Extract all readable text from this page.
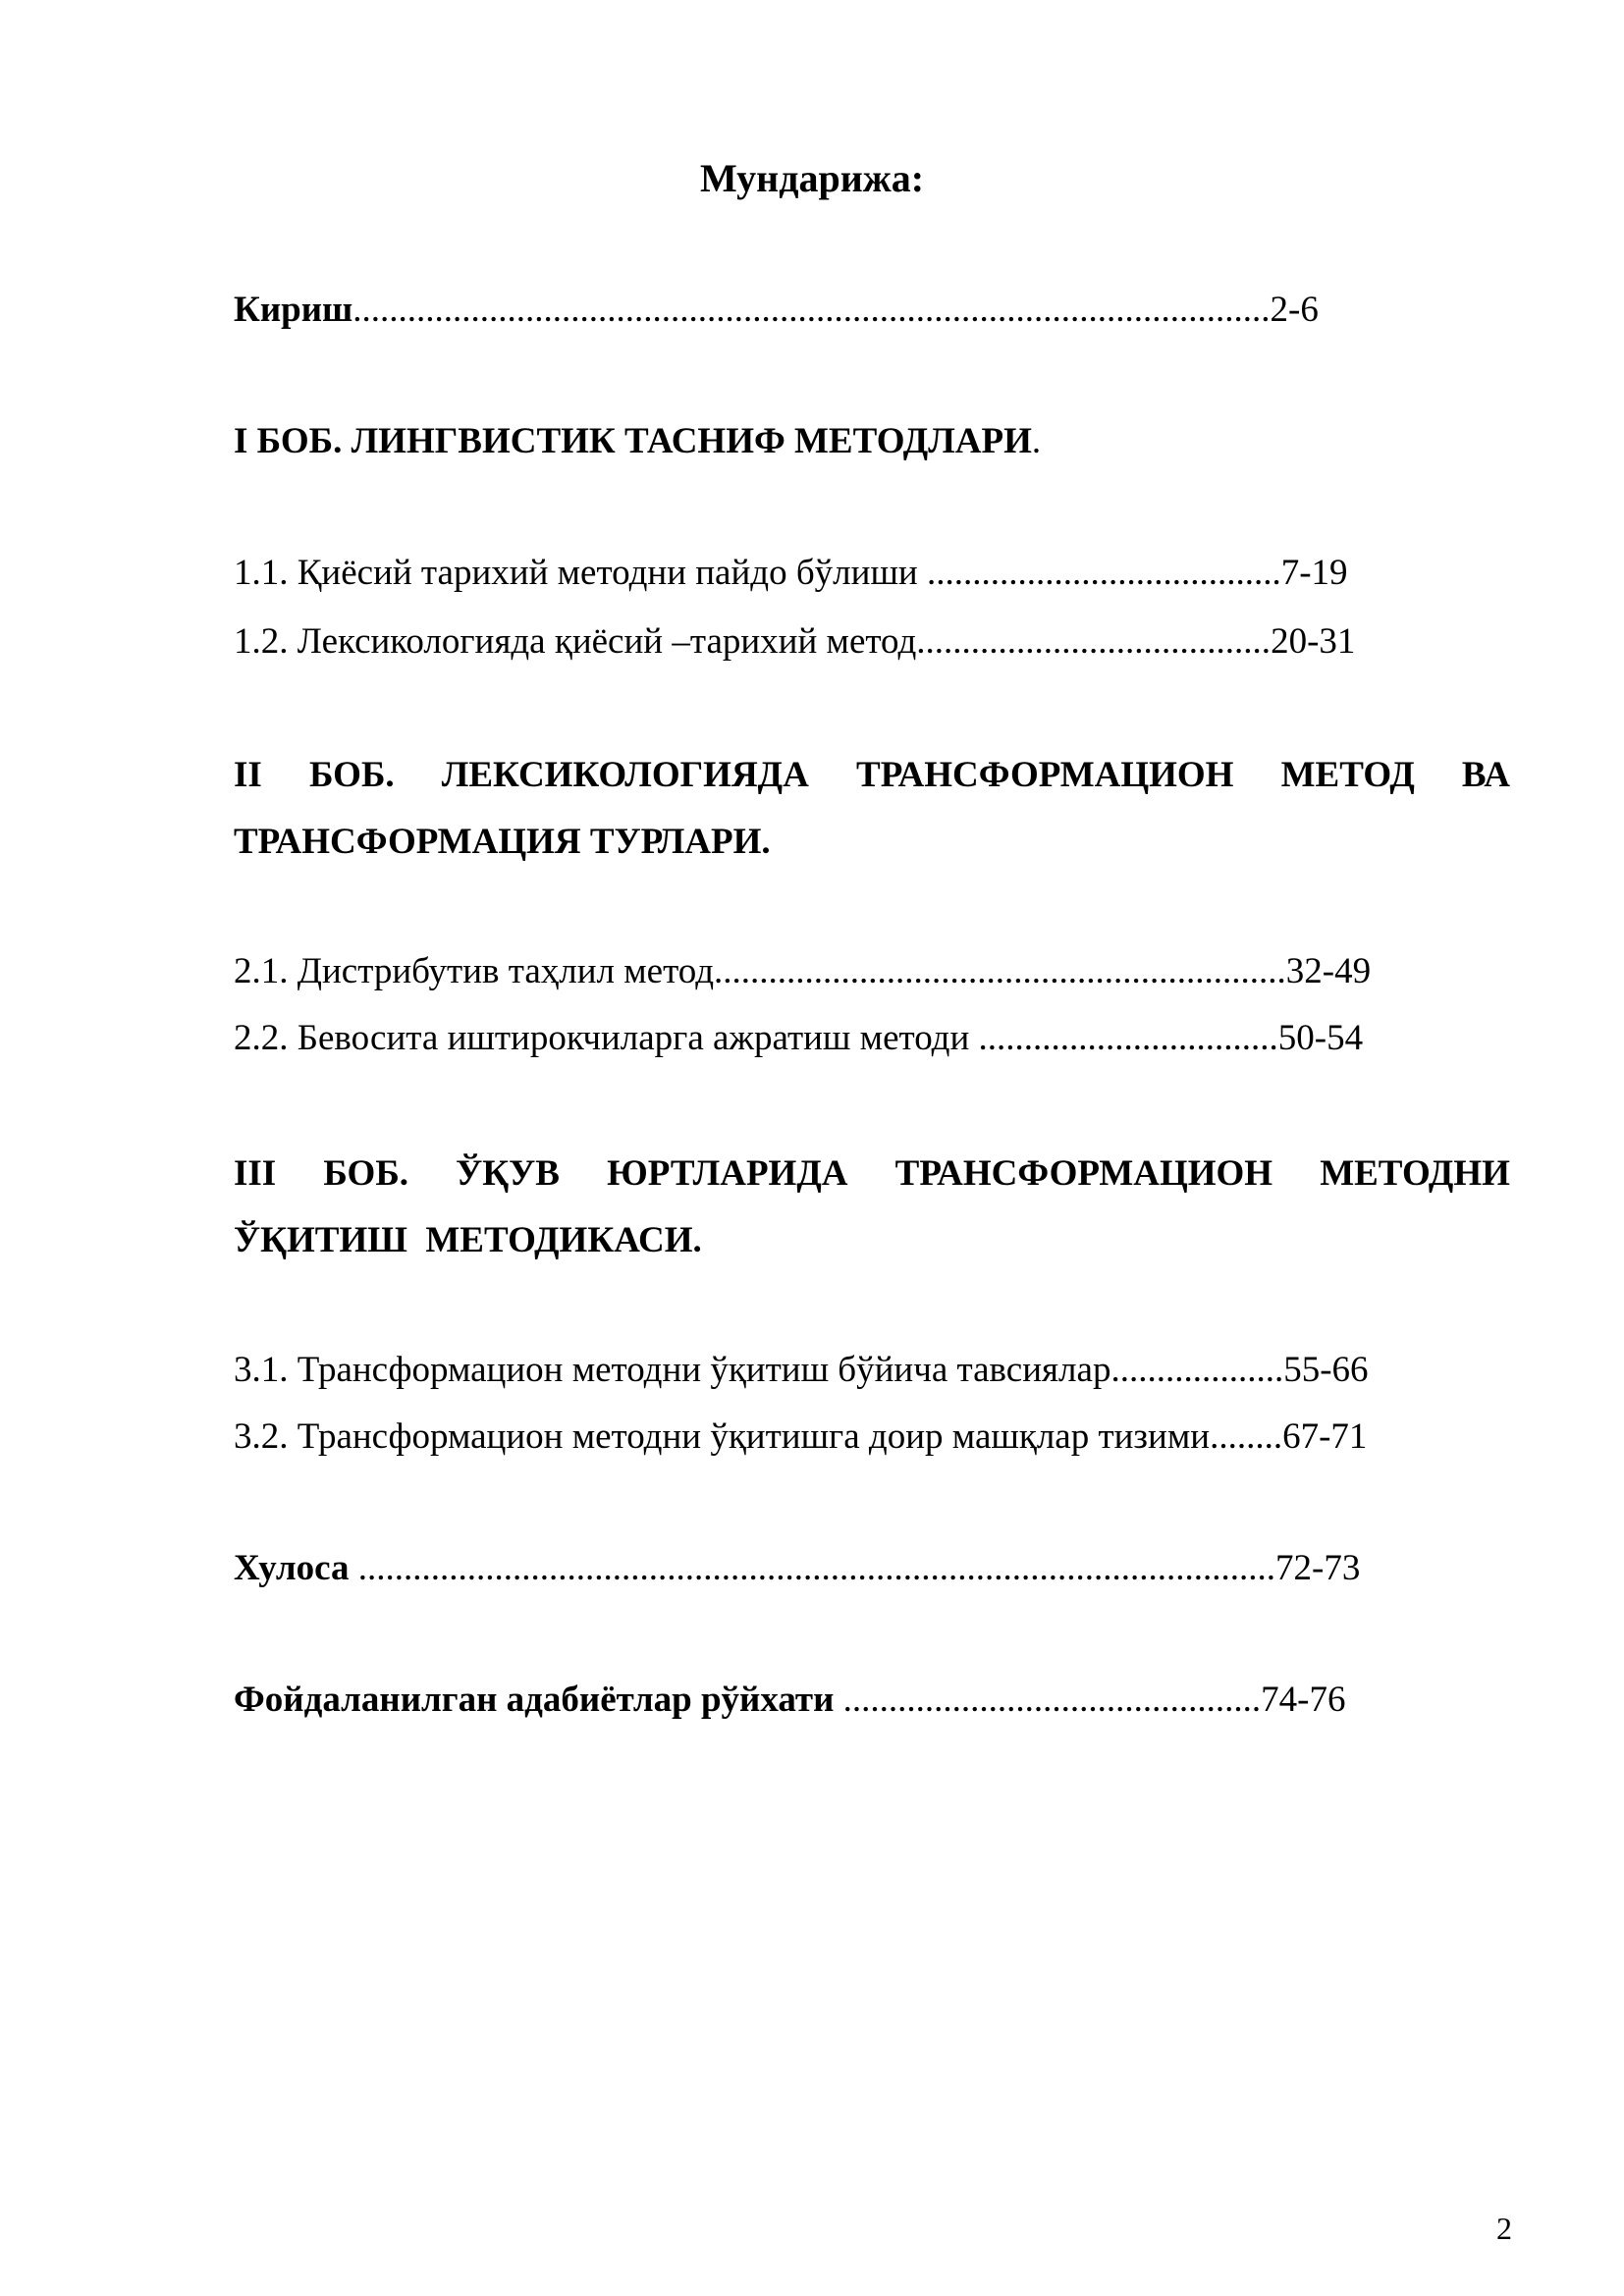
Мундарижа:
Кириш.....................................................................................................2-6
I БОБ. ЛИНГВИСТИК ТАСНИФ МЕТОДЛАРИ.
1.1. Қиёсий тарихий методни пайдо бўлиши .......................................7-19
1.2. Лексикологияда қиёсий –тарихий метод.......................................20-31
II БОБ. ЛЕКСИКОЛОГИЯДА ТРАНСФОРМАЦИОН МЕТОД ВА
ТРАНСФОРМАЦИЯ ТУРЛАРИ.
2.1. Дистрибутив таҳлил метод...............................................................32-49
2.2. Бевосита иштирокчиларга ажратиш методи .................................50-54
III БОБ. ЎҚУВ ЮРТЛАРИДА ТРАНСФОРМАЦИОН МЕТОДНИ
ЎҚИТИШ  МЕТОДИКАСИ.
3.1. Трансформацион методни ўқитиш бўйича тавсиялар...................55-66
3.2. Трансформацион методни ўқитишга доир машқлар тизими........67-71
Хулоса .....................................................................................................72-73
Фойдаланилган адабиётлар рўйхати ..............................................74-76
2
